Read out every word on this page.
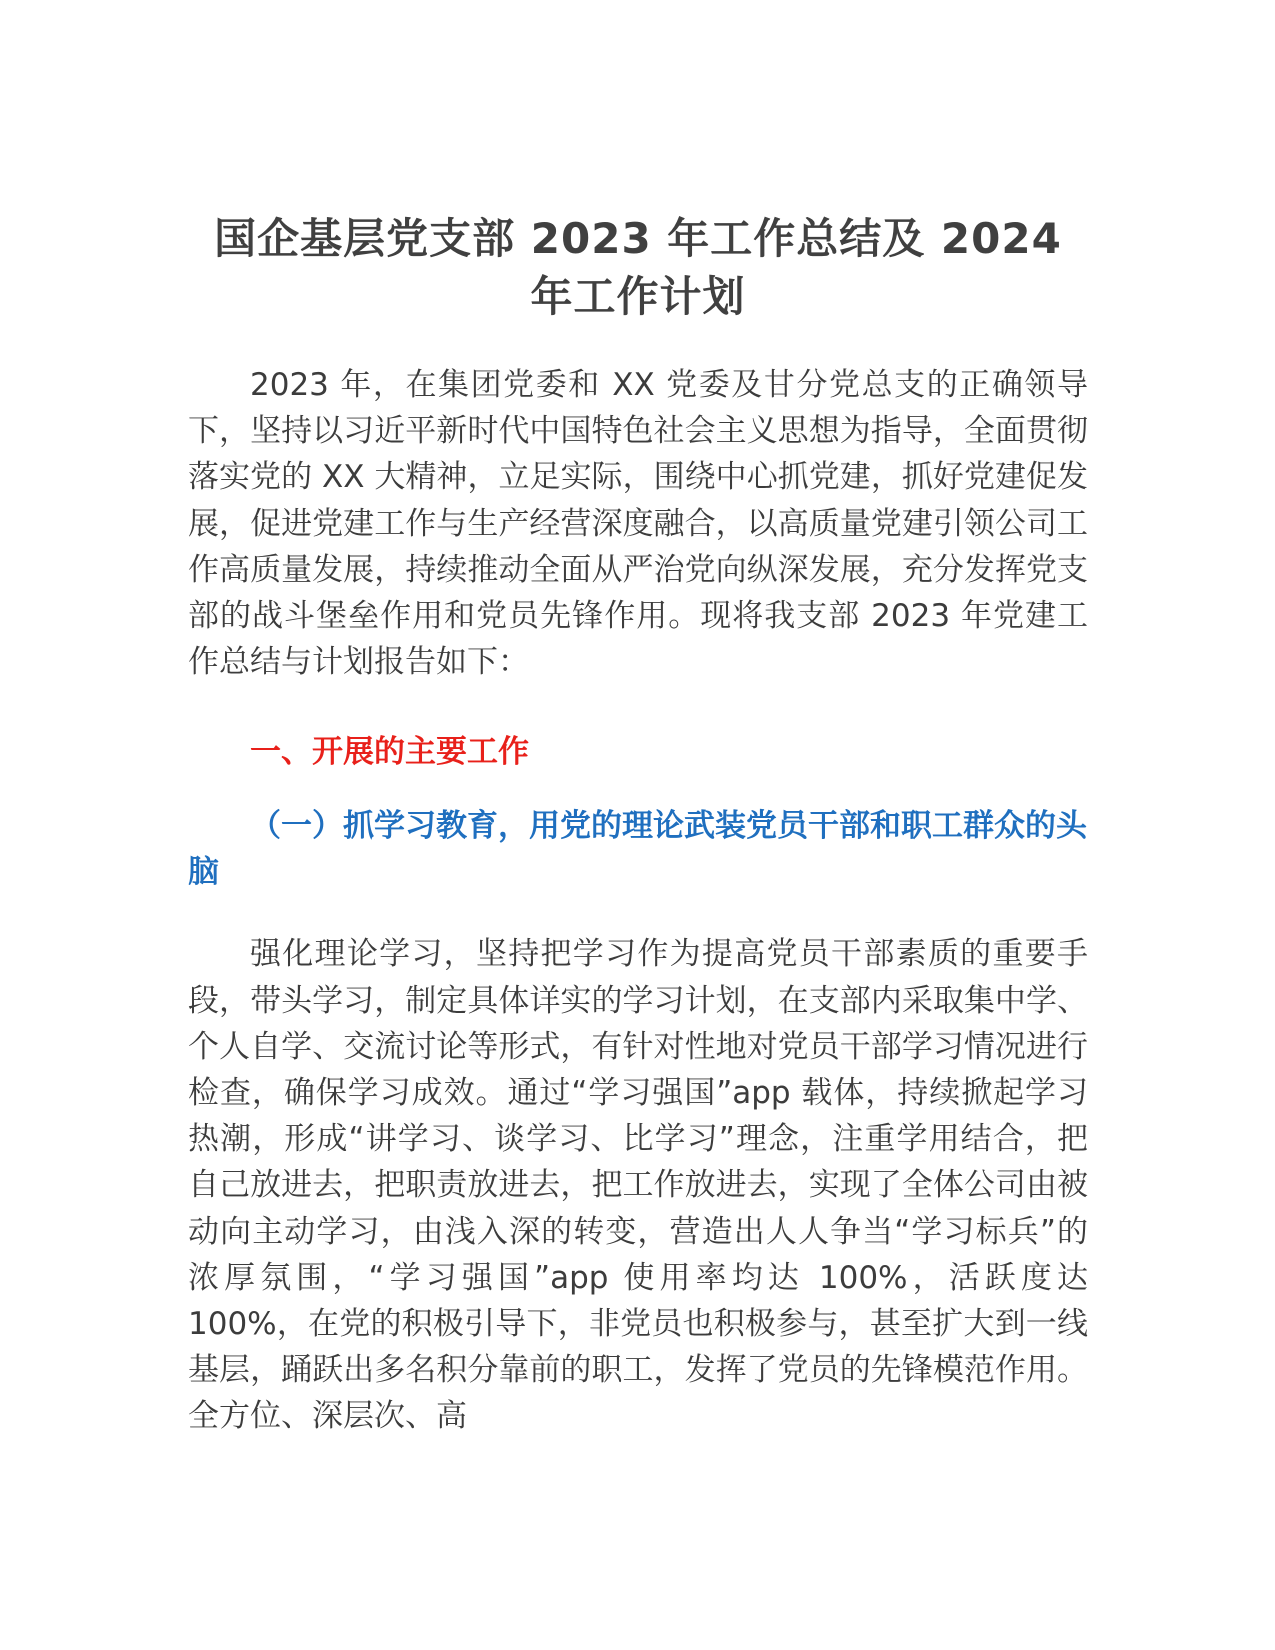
国企基层党支部 2023 年工作总结及 2024 年工作计划

2023 年，在集团党委和 XX 党委及甘分党总支的正确领导下，坚持以习近平新时代中国特色社会主义思想为指导，全面贯彻落实党的 XX 大精神，立足实际，围绕中心抓党建，抓好党建促发展，促进党建工作与生产经营深度融合，以高质量党建引领公司工作高质量发展，持续推动全面从严治党向纵深发展，充分发挥党支部的战斗堡垒作用和党员先锋作用。现将我支部 2023 年党建工作总结与计划报告如下：

一、开展的主要工作
（一）抓学习教育，用党的理论武装党员干部和职工群众的头脑

强化理论学习，坚持把学习作为提高党员干部素质的重要手段，带头学习，制定具体详实的学习计划，在支部内采取集中学、个人自学、交流讨论等形式，有针对性地对党员干部学习情况进行检查，确保学习成效。通过“学习强国”app 载体，持续掀起学习热潮，形成“讲学习、谈学习、比学习”理念，注重学用结合，把自己放进去，把职责放进去，把工作放进去，实现了全体公司由被动向主动学习，由浅入深的转变，营造出人人争当“学习标兵”的浓厚氛围，“学习强国”app 使用率均达 100%，活跃度达 100%，在党的积极引导下，非党员也积极参与，甚至扩大到一线基层，踊跃出多名积分靠前的职工，发挥了党员的先锋模范作用。全方位、深层次、高
